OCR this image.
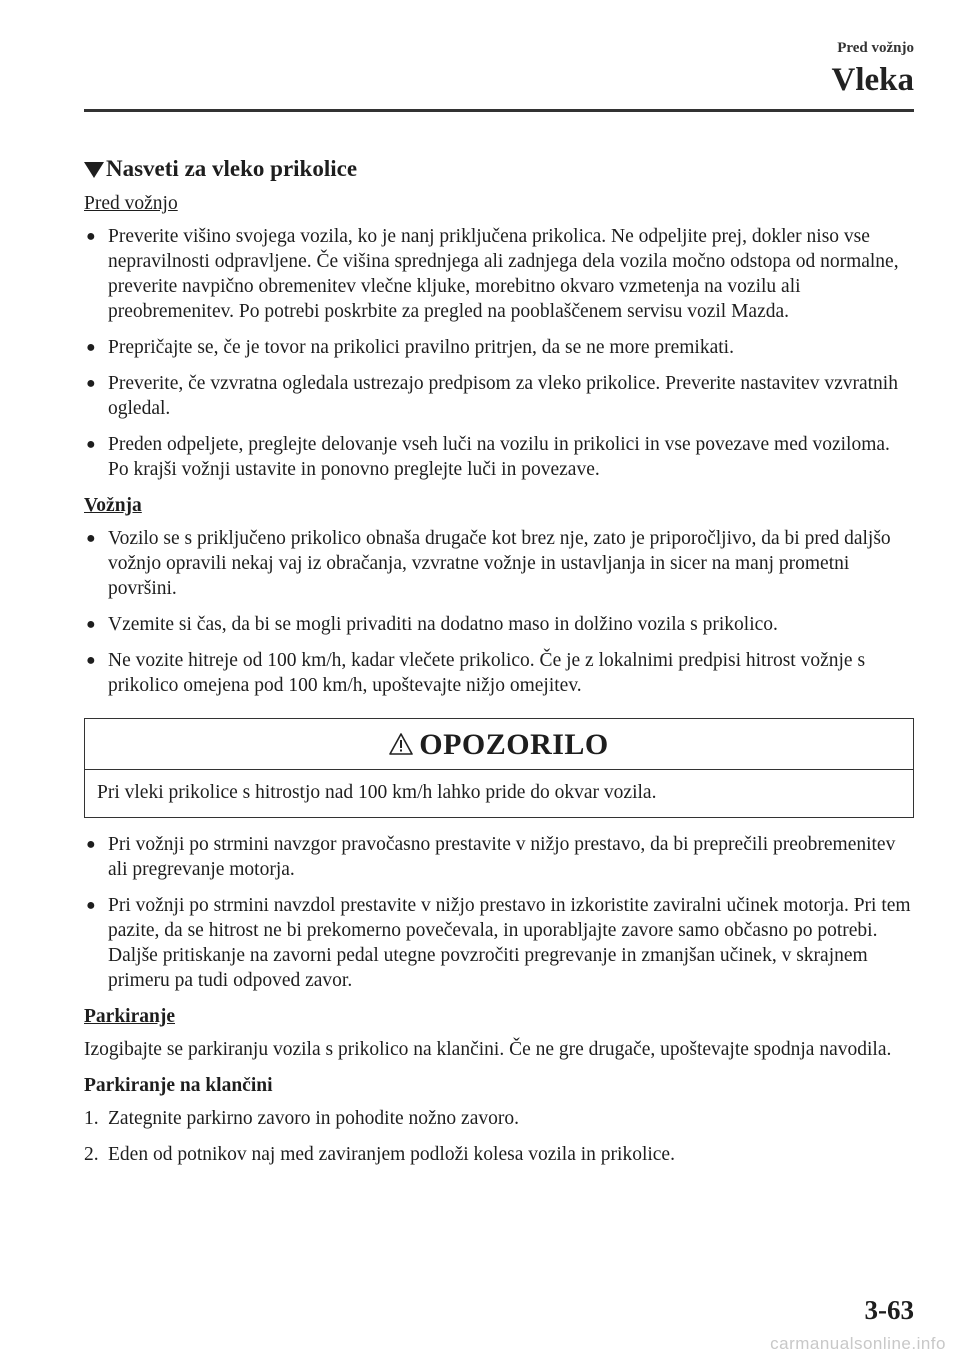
Pred vožnjo
Vleka
Nasveti za vleko prikolice
Pred vožnjo
● Preverite višino svojega vozila, ko je nanj priključena prikolica. Ne odpeljite prej, dokler niso vse nepravilnosti odpravljene. Če višina sprednjega ali zadnjega dela vozila močno odstopa od normalne, preverite navpično obremenitev vlečne kljuke, morebitno okvaro vzmetenja na vozilu ali preobremenitev. Po potrebi poskrbite za pregled na pooblaščenem servisu vozil Mazda.
● Prepričajte se, če je tovor na prikolici pravilno pritrjen, da se ne more premikati.
● Preverite, če vzvratna ogledala ustrezajo predpisom za vleko prikolice. Preverite nastavitev vzvratnih ogledal.
● Preden odpeljete, preglejte delovanje vseh luči na vozilu in prikolici in vse povezave med voziloma. Po krajši vožnji ustavite in ponovno preglejte luči in povezave.
Vožnja
● Vozilo se s priključeno prikolico obnaša drugače kot brez nje, zato je priporočljivo, da bi pred daljšo vožnjo opravili nekaj vaj iz obračanja, vzvratne vožnje in ustavljanja in sicer na manj prometni površini.
● Vzemite si čas, da bi se mogli privaditi na dodatno maso in dolžino vozila s prikolico.
● Ne vozite hitreje od 100 km/h, kadar vlečete prikolico. Če je z lokalnimi predpisi hitrost vožnje s prikolico omejena pod 100 km/h, upoštevajte nižjo omejitev.
OPOZORILO
Pri vleki prikolice s hitrostjo nad 100 km/h lahko pride do okvar vozila.
● Pri vožnji po strmini navzgor pravočasno prestavite v nižjo prestavo, da bi preprečili preobremenitev ali pregrevanje motorja.
● Pri vožnji po strmini navzdol prestavite v nižjo prestavo in izkoristite zaviralni učinek motorja. Pri tem pazite, da se hitrost ne bi prekomerno povečevala, in uporabljajte zavore samo občasno po potrebi. Daljše pritiskanje na zavorni pedal utegne povzročiti pregrevanje in zmanjšan učinek, v skrajnem primeru pa tudi odpoved zavor.
Parkiranje

Izogibajte se parkiranju vozila s prikolico na klančini. Če ne gre drugače, upoštevajte spodnja navodila.

Parkiranje na klančini
1. Zategnite parkirno zavoro in pohodite nožno zavoro.
2. Eden od potnikov naj med zaviranjem podloži kolesa vozila in prikolice.
3-63
carmanualsonline.info
